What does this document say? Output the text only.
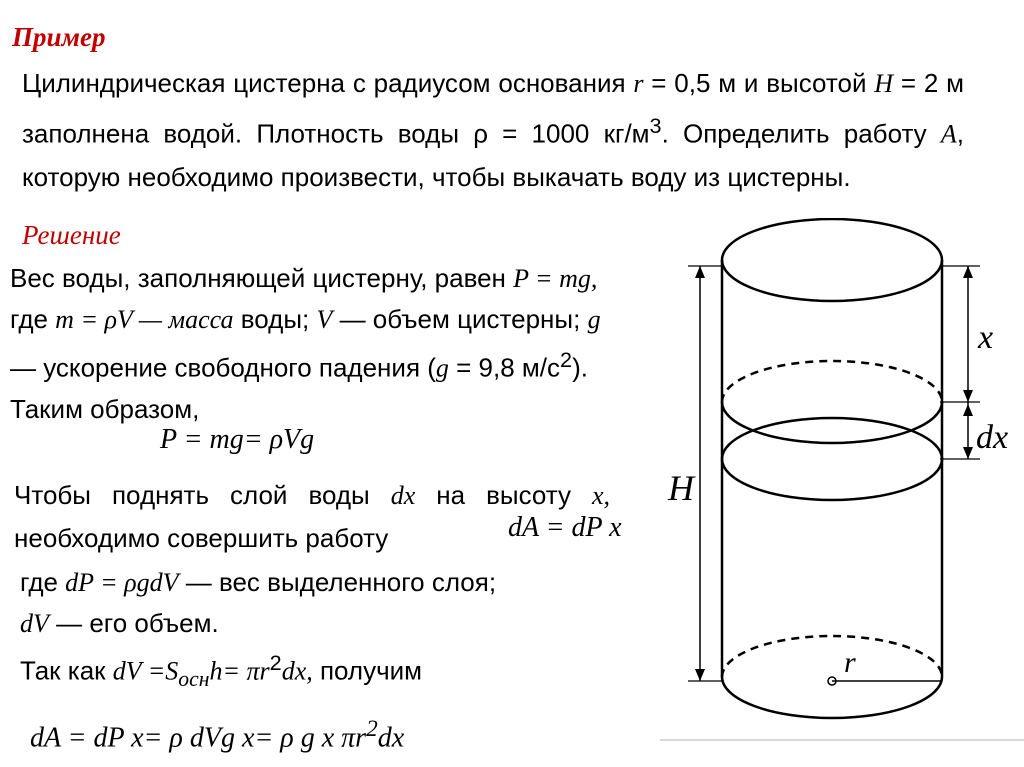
Пример
Цилиндрическая цистерна с радиусом основания r = 0,5 м и высотой H = 2 м заполнена водой. Плотность воды ρ = 1000 $кг/м^3$. Определить работу A, которую необходимо произвести, чтобы выкачать воду из цистерны.
Решение
Вес воды, заполняющей цистерну, равен P = mg, где m = ρV — масса воды; V — объем цистерны; g — ускорение свободного падения (g = 9,8 $м/с^2$). Таким образом,
P = mg= ρVg
Чтобы поднять слой воды dx на высоту x, необходимо совершить работу	dA = dP x
где dP = ρgdV — вес выделенного слоя;
dV — его объем.
Так как dV $=S_{осн}h= \pi r^2dx$, получим
dA = dP x= ρ dVg x= ρ g x $\pi r^2dx$
x
dx
H
r
